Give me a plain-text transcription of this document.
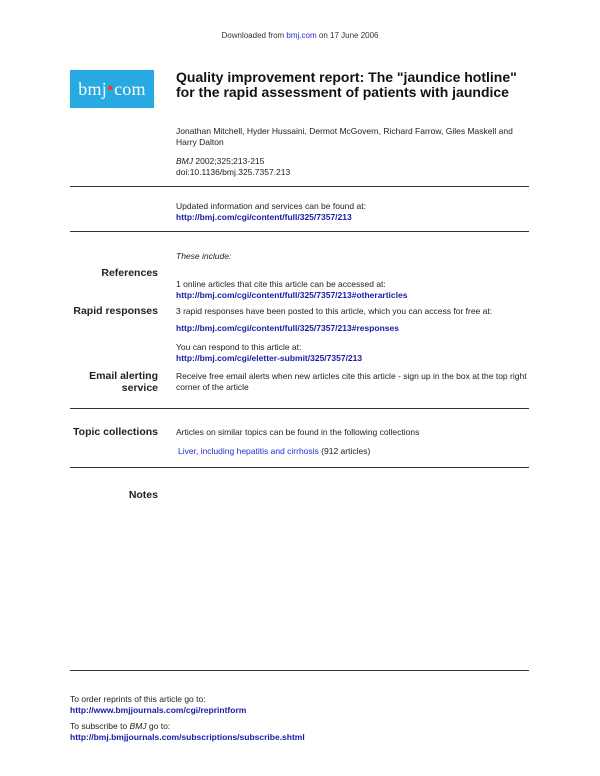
Downloaded from bmj.com on 17 June 2006
bmj • com
Quality improvement report: The "jaundice hotline" for the rapid assessment of patients with jaundice
Jonathan Mitchell, Hyder Hussaini, Dermot McGovern, Richard Farrow, Giles Maskell and Harry Dalton
BMJ 2002;325;213-215
doi:10.1136/bmj.325.7357.213
Updated information and services can be found at:
http://bmj.com/cgi/content/full/325/7357/213
These include:
References
1 online articles that cite this article can be accessed at:
http://bmj.com/cgi/content/full/325/7357/213#otherarticles
Rapid responses 3 rapid responses have been posted to this article, which you can access for free at:
http://bmj.com/cgi/content/full/325/7357/213#responses
You can respond to this article at:
http://bmj.com/cgi/eletter-submit/325/7357/213
Email alerting
service
Receive free email alerts when new articles cite this article - sign up in the box at the top right corner of the article
Topic collections Articles on similar topics can be found in the following collections
Liver, including hepatitis and cirrhosis (912 articles)
Notes
To order reprints of this article go to:
http://www.bmjjournals.com/cgi/reprintform
To subscribe to BMJ go to:
http://bmj.bmjjournals.com/subscriptions/subscribe.shtml
